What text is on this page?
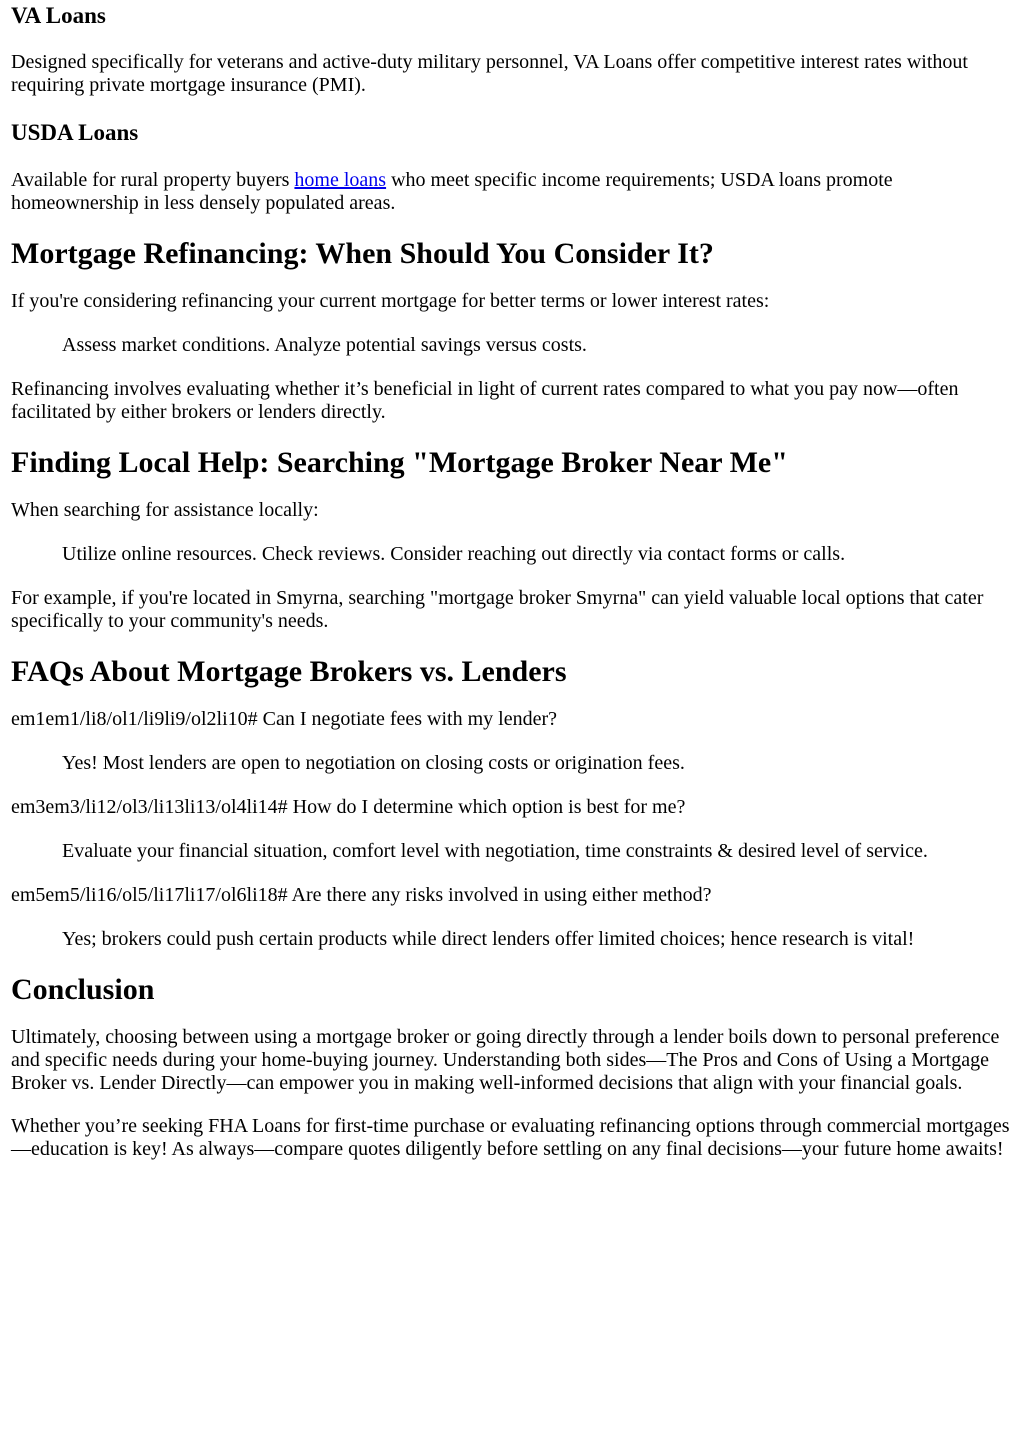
VA Loans

Designed specifically for veterans and active-duty military personnel, VA Loans offer competitive interest rates without requiring private mortgage insurance (PMI).

USDA Loans

Available for rural property buyers home loans who meet specific income requirements; USDA loans promote homeownership in less densely populated areas.

Mortgage Refinancing: When Should You Consider It?

If you're considering refinancing your current mortgage for better terms or lower interest rates:

Assess market conditions. Analyze potential savings versus costs.

Refinancing involves evaluating whether it’s beneficial in light of current rates compared to what you pay now—often facilitated by either brokers or lenders directly.

Finding Local Help: Searching "Mortgage Broker Near Me"

When searching for assistance locally:

Utilize online resources. Check reviews. Consider reaching out directly via contact forms or calls.

For example, if you're located in Smyrna, searching "mortgage broker Smyrna" can yield valuable local options that cater specifically to your community's needs.

FAQs About Mortgage Brokers vs. Lenders

em1em1/li8/ol1/li9li9/ol2li10# Can I negotiate fees with my lender?

Yes! Most lenders are open to negotiation on closing costs or origination fees.

em3em3/li12/ol3/li13li13/ol4li14# How do I determine which option is best for me?

Evaluate your financial situation, comfort level with negotiation, time constraints & desired level of service.

em5em5/li16/ol5/li17li17/ol6li18# Are there any risks involved in using either method?

Yes; brokers could push certain products while direct lenders offer limited choices; hence research is vital!
Conclusion

Ultimately, choosing between using a mortgage broker or going directly through a lender boils down to personal preference and specific needs during your home-buying journey. Understanding both sides—The Pros and Cons of Using a Mortgage Broker vs. Lender Directly—can empower you in making well-informed decisions that align with your financial goals.

Whether you’re seeking FHA Loans for first-time purchase or evaluating refinancing options through commercial mortgages—education is key! As always—compare quotes diligently before settling on any final decisions—your future home awaits!
